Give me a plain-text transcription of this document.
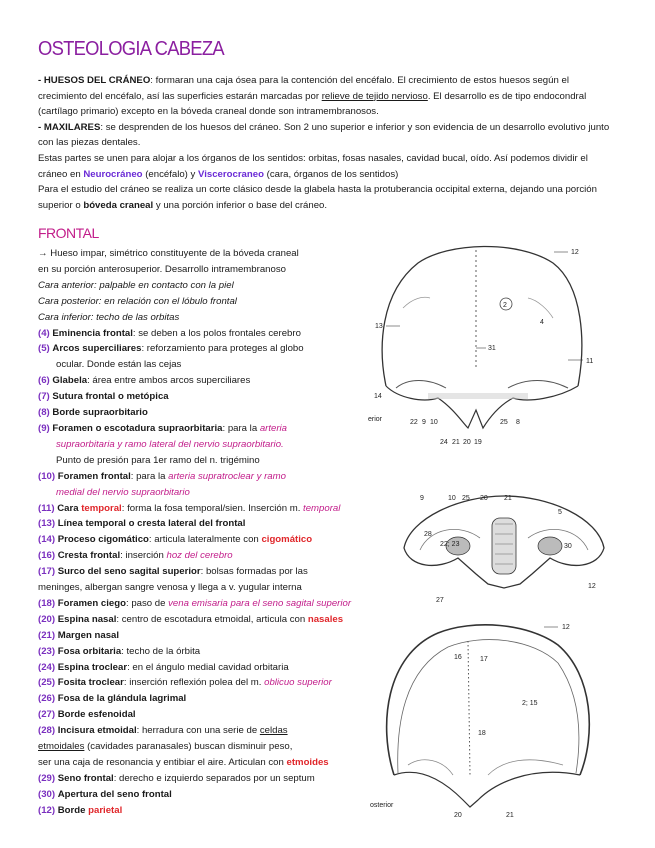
OSTEOLOGIA CABEZA

- HUESOS DEL CRÁNEO: formaran una caja ósea para la contención del encéfalo. El crecimiento de estos huesos según el crecimiento del encéfalo, así las superficies estarán marcadas por relieve de tejido nervioso. El desarrollo es de tipo endocondral (cartílago primario) excepto en la bóveda craneal donde son intramembranosos.

- MAXILARES: se desprenden de los huesos del cráneo. Son 2 uno superior e inferior y son evidencia de un desarrollo evolutivo junto con las piezas dentales.

Estas partes se unen para alojar a los órganos de los sentidos: orbitas, fosas nasales, cavidad bucal, oído. Así podemos dividir el cráneo en Neurocráneo (encéfalo) y Viscerocraneo (cara, órganos de los sentidos)

Para el estudio del cráneo se realiza un corte clásico desde la glabela hasta la protuberancia occipital externa, dejando una porción superior o bóveda craneal y una porción inferior o base del cráneo.

FRONTAL
→ Hueso impar, simétrico constituyente de la bóveda craneal
en su porción anterosuperior. Desarrollo intramembranoso
Cara anterior: palpable en contacto con la piel
Cara posterior: en relación con el lóbulo frontal
Cara inferior: techo de las orbitas
(4) Eminencia frontal: se deben a los polos frontales cerebro
(5) Arcos superciliares: reforzamiento para proteges al globo
ocular. Donde están las cejas
(6) Glabela: área entre ambos arcos superciliares
(7) Sutura frontal o metópica
(8) Borde supraorbitario
(9) Foramen o escotadura supraorbitaria: para la arteria
supraorbitaria y ramo lateral del nervio supraorbitario.
Punto de presión para 1er ramo del n. trigémino
(10) Foramen frontal: para la arteria supratroclear y ramo
medial del nervio supraorbitario
(11) Cara temporal: forma la fosa temporal/sien. Inserción m. temporal
(13) Línea temporal o cresta lateral del frontal
(14) Proceso cigomático: articula lateralmente con cigomático
(16) Cresta frontal: inserción hoz del cerebro
(17) Surco del seno sagital superior: bolsas formadas por las
meninges, albergan sangre venosa y llega a v. yugular interna
(18) Foramen ciego: paso de vena emisaria para el seno sagital superior
(20) Espina nasal: centro de escotadura etmoidal, articula con nasales
(21) Margen nasal
(23) Fosa orbitaria: techo de la órbita
(24) Espina troclear: en el ángulo medial cavidad orbitaria
(25) Fosita troclear: inserción reflexión polea del m. oblicuo superior
(26) Fosa de la glándula lagrimal
(27) Borde esfenoidal
(28) Incisura etmoidal: herradura con una serie de celdas
etmoidales (cavidades paranasales) buscan disminuir peso,
ser una caja de resonancia y entibiar el aire. Articulan con etmoides
(29) Seno frontal: derecho e izquierdo separados por un septum
(30) Apertura del seno frontal
(12) Borde parietal
12
13
11
31
2
4
14
erior	22 9 10
24 21 20 19
25 8
9	10 25 20 21
5
28
22; 23	30
12
27
12
16	17
2; 15
18
20	21
osterior
